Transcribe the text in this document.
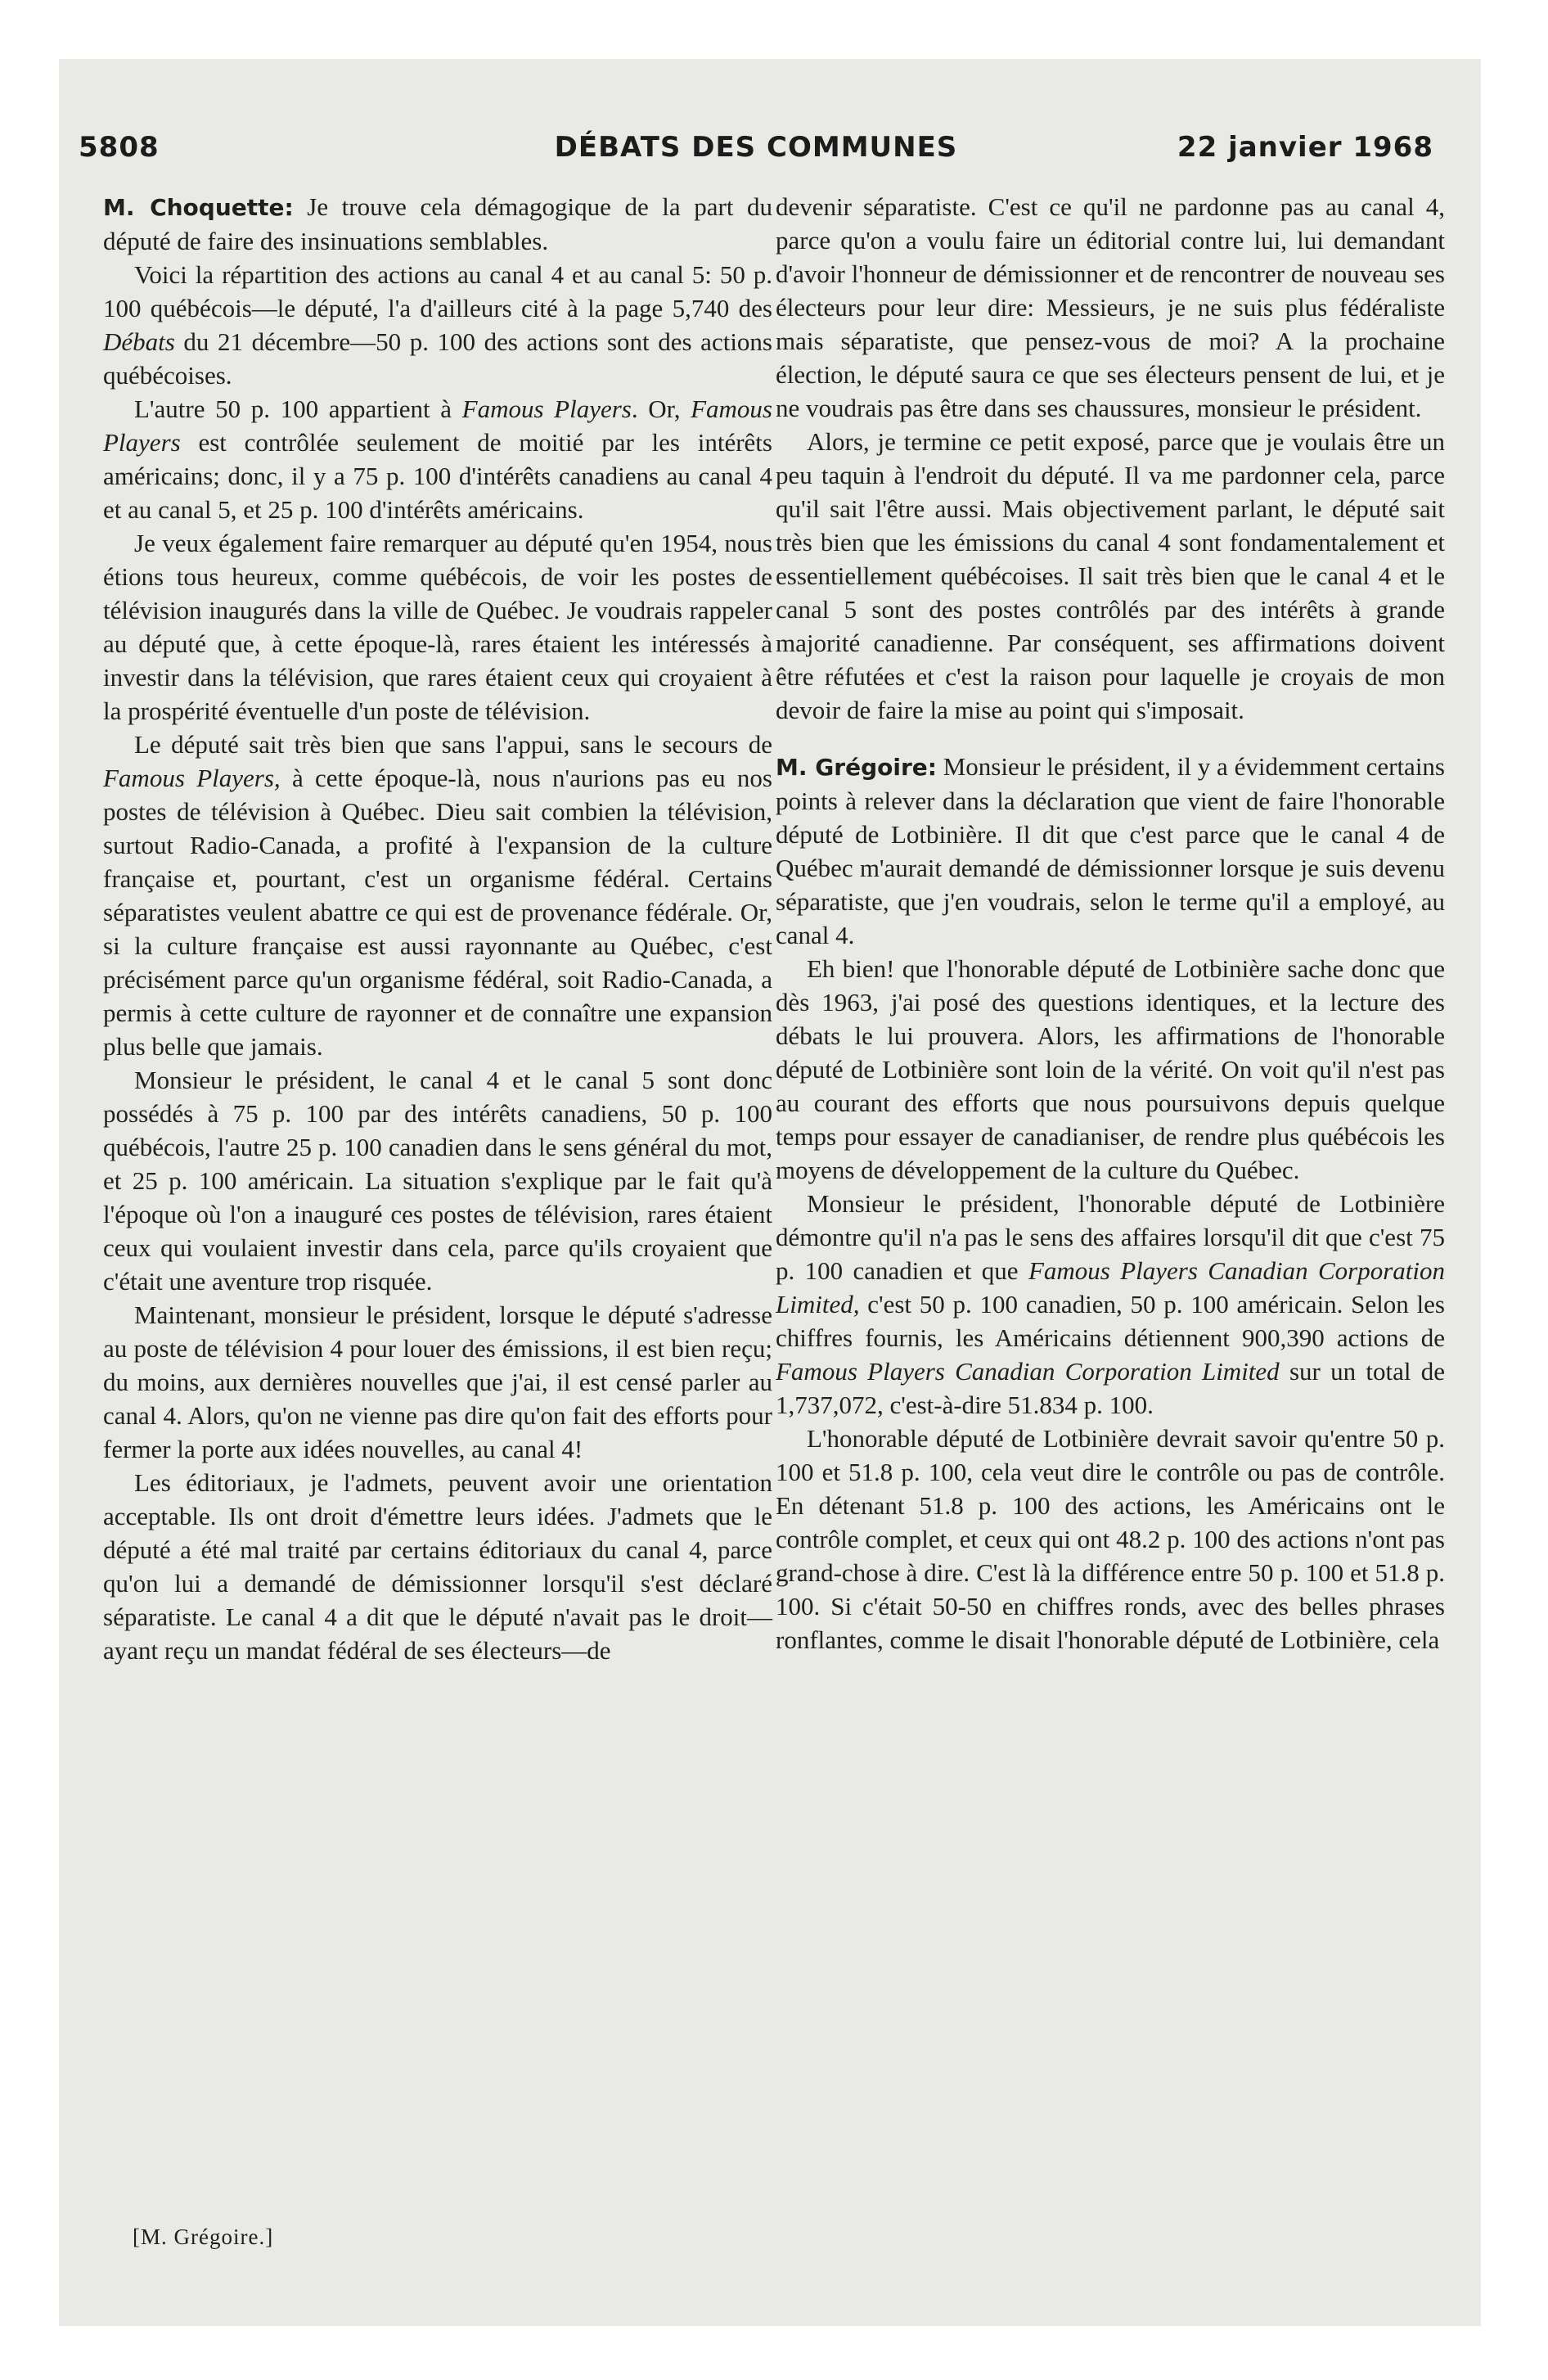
5808	DÉBATS DES COMMUNES	22 janvier 1968

M. Choquette: Je trouve cela démagogique de la part du député de faire des insinuations semblables.

Voici la répartition des actions au canal 4 et au canal 5: 50 p. 100 québécois—le député, l'a d'ailleurs cité à la page 5,740 des Débats du 21 décembre—50 p. 100 des actions sont des actions québécoises.

L'autre 50 p. 100 appartient à Famous Players. Or, Famous Players est contrôlée seulement de moitié par les intérêts américains; donc, il y a 75 p. 100 d'intérêts canadiens au canal 4 et au canal 5, et 25 p. 100 d'intérêts américains.

Je veux également faire remarquer au député qu'en 1954, nous étions tous heureux, comme québécois, de voir les postes de télévision inaugurés dans la ville de Québec. Je voudrais rappeler au député que, à cette époque-là, rares étaient les intéressés à investir dans la télévision, que rares étaient ceux qui croyaient à la prospérité éventuelle d'un poste de télévision.

Le député sait très bien que sans l'appui, sans le secours de Famous Players, à cette époque-là, nous n'aurions pas eu nos postes de télévision à Québec. Dieu sait combien la télévision, surtout Radio-Canada, a profité à l'expansion de la culture française et, pourtant, c'est un organisme fédéral. Certains séparatistes veulent abattre ce qui est de provenance fédérale. Or, si la culture française est aussi rayonnante au Québec, c'est précisément parce qu'un organisme fédéral, soit Radio-Canada, a permis à cette culture de rayonner et de connaître une expansion plus belle que jamais.

Monsieur le président, le canal 4 et le canal 5 sont donc possédés à 75 p. 100 par des intérêts canadiens, 50 p. 100 québécois, l'autre 25 p. 100 canadien dans le sens général du mot, et 25 p. 100 américain. La situation s'explique par le fait qu'à l'époque où l'on a inauguré ces postes de télévision, rares étaient ceux qui voulaient investir dans cela, parce qu'ils croyaient que c'était une aventure trop risquée.

Maintenant, monsieur le président, lorsque le député s'adresse au poste de télévision 4 pour louer des émissions, il est bien reçu; du moins, aux dernières nouvelles que j'ai, il est censé parler au canal 4. Alors, qu'on ne vienne pas dire qu'on fait des efforts pour fermer la porte aux idées nouvelles, au canal 4!

Les éditoriaux, je l'admets, peuvent avoir une orientation acceptable. Ils ont droit d'émettre leurs idées. J'admets que le député a été mal traité par certains éditoriaux du canal 4, parce qu'on lui a demandé de démissionner lorsqu'il s'est déclaré séparatiste. Le canal 4 a dit que le député n'avait pas le droit—ayant reçu un mandat fédéral de ses électeurs—de

devenir séparatiste. C'est ce qu'il ne pardonne pas au canal 4, parce qu'on a voulu faire un éditorial contre lui, lui demandant d'avoir l'honneur de démissionner et de rencontrer de nouveau ses électeurs pour leur dire: Messieurs, je ne suis plus fédéraliste mais séparatiste, que pensez-vous de moi? A la prochaine élection, le député saura ce que ses électeurs pensent de lui, et je ne voudrais pas être dans ses chaussures, monsieur le président.

Alors, je termine ce petit exposé, parce que je voulais être un peu taquin à l'endroit du député. Il va me pardonner cela, parce qu'il sait l'être aussi. Mais objectivement parlant, le député sait très bien que les émissions du canal 4 sont fondamentalement et essentiellement québécoises. Il sait très bien que le canal 4 et le canal 5 sont des postes contrôlés par des intérêts à grande majorité canadienne. Par conséquent, ses affirmations doivent être réfutées et c'est la raison pour laquelle je croyais de mon devoir de faire la mise au point qui s'imposait.

M. Grégoire: Monsieur le président, il y a évidemment certains points à relever dans la déclaration que vient de faire l'honorable député de Lotbinière. Il dit que c'est parce que le canal 4 de Québec m'aurait demandé de démissionner lorsque je suis devenu séparatiste, que j'en voudrais, selon le terme qu'il a employé, au canal 4.

Eh bien! que l'honorable député de Lotbinière sache donc que dès 1963, j'ai posé des questions identiques, et la lecture des débats le lui prouvera. Alors, les affirmations de l'honorable député de Lotbinière sont loin de la vérité. On voit qu'il n'est pas au courant des efforts que nous poursuivons depuis quelque temps pour essayer de canadianiser, de rendre plus québécois les moyens de développement de la culture du Québec.

Monsieur le président, l'honorable député de Lotbinière démontre qu'il n'a pas le sens des affaires lorsqu'il dit que c'est 75 p. 100 canadien et que Famous Players Canadian Corporation Limited, c'est 50 p. 100 canadien, 50 p. 100 américain. Selon les chiffres fournis, les Américains détiennent 900,390 actions de Famous Players Canadian Corporation Limited sur un total de 1,737,072, c'est-à-dire 51.834 p. 100.

L'honorable député de Lotbinière devrait savoir qu'entre 50 p. 100 et 51.8 p. 100, cela veut dire le contrôle ou pas de contrôle. En détenant 51.8 p. 100 des actions, les Américains ont le contrôle complet, et ceux qui ont 48.2 p. 100 des actions n'ont pas grand-chose à dire. C'est là la différence entre 50 p. 100 et 51.8 p. 100. Si c'était 50-50 en chiffres ronds, avec des belles phrases ronflantes, comme le disait l'honorable député de Lotbinière, cela

[M. Grégoire.]
